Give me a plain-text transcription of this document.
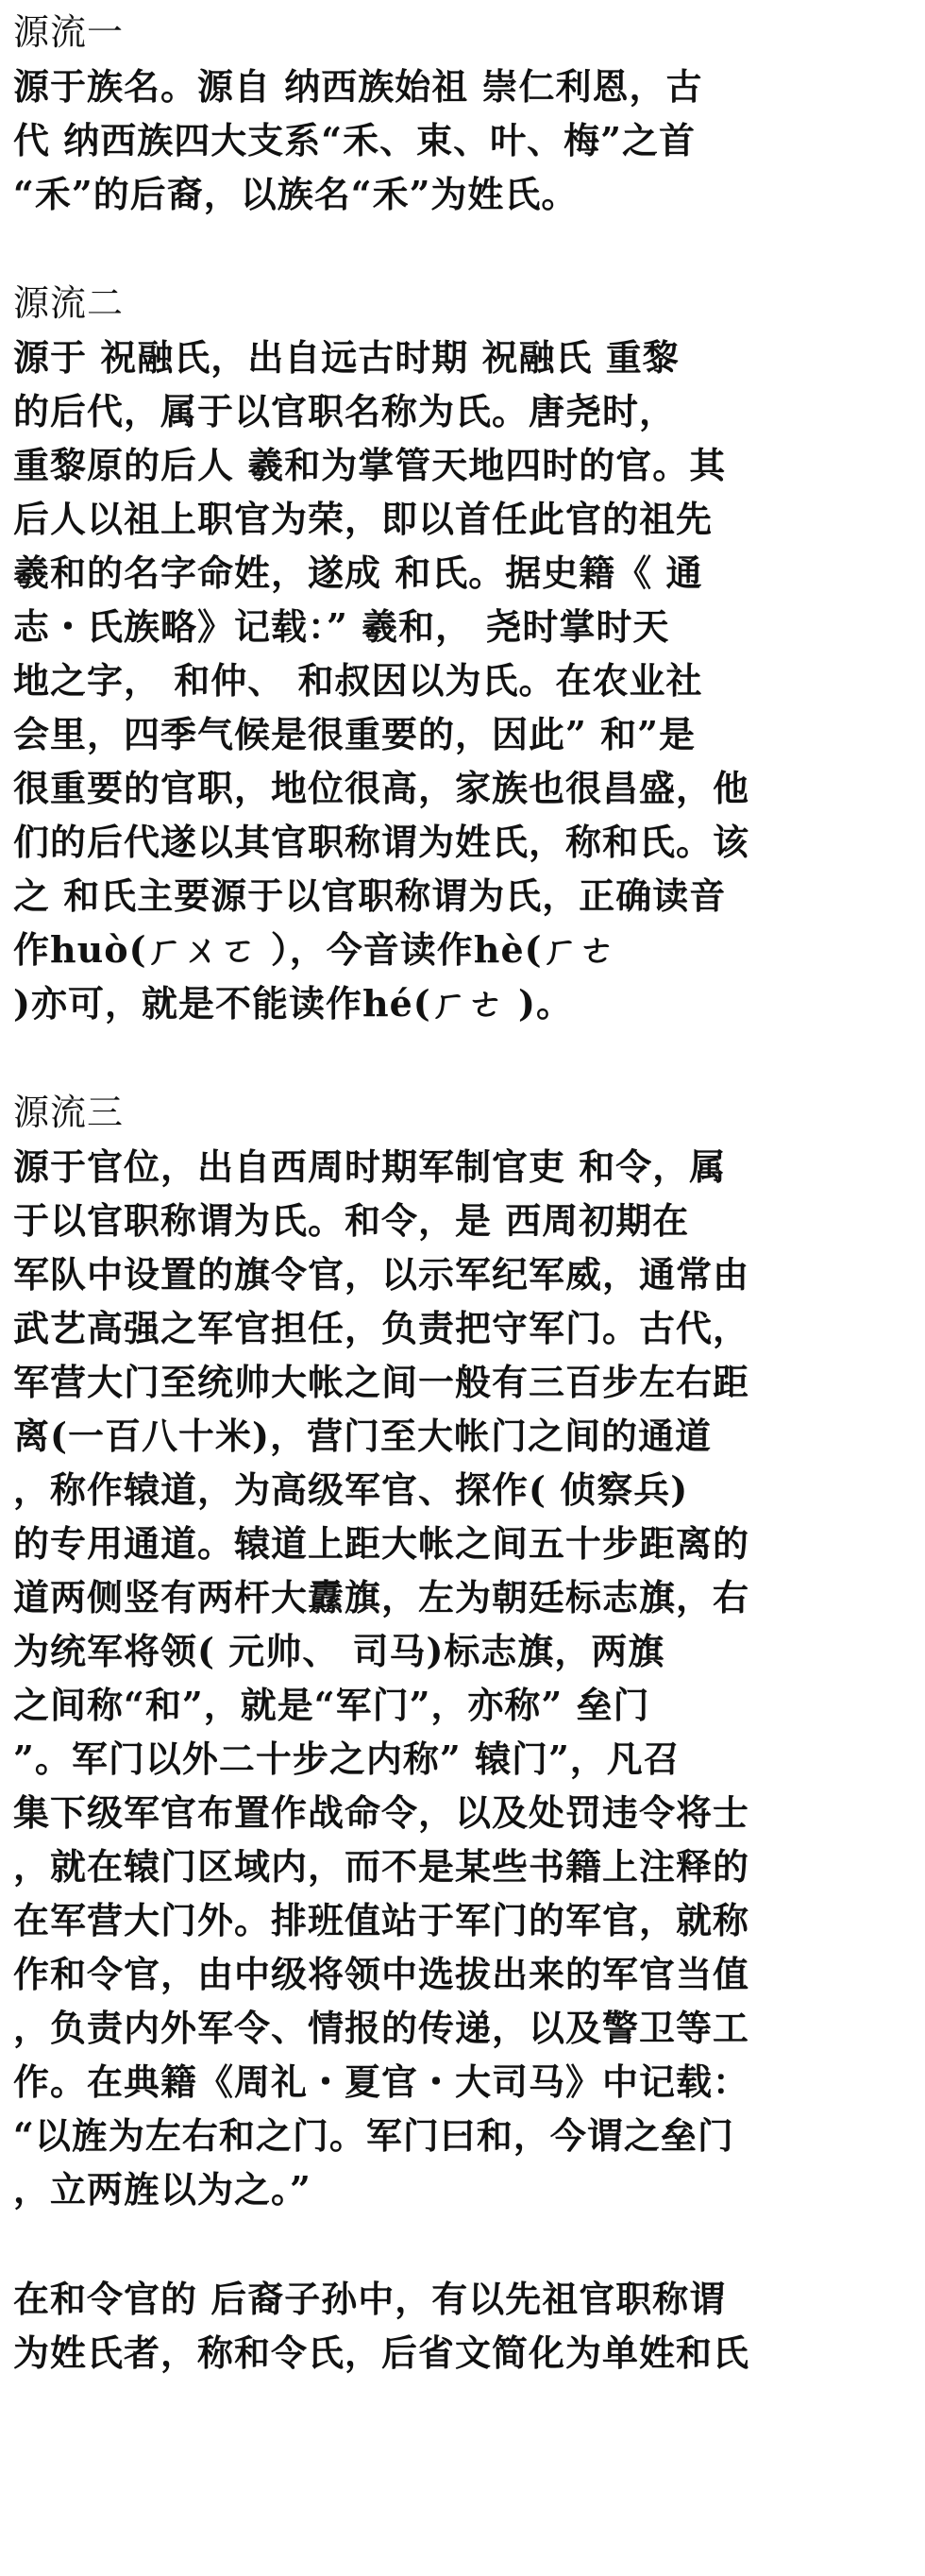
源流一
源于族名。源自 纳西族始祖 崇仁利恩，古
代 纳西族四大支系“禾、束、叶、梅”之首
“禾”的后裔，以族名“禾”为姓氏。
源流二
源于 祝融氏，出自远古时期 祝融氏 重黎
的后代，属于以官职名称为氏。唐尧时，
重黎原的后人 羲和为掌管天地四时的官。其
后人以祖上职官为荣，即以首任此官的祖先
羲和的名字命姓，遂成 和氏。据史籍《 通
志・氏族略》记载：” 羲和， 尧时掌时天
地之字， 和仲、 和叔因以为氏。在农业社
会里，四季气候是很重要的，因此” 和”是
很重要的官职，地位很高，家族也很昌盛，他
们的后代遂以其官职称谓为姓氏，称和氏。该
之 和氏主要源于以官职称谓为氏，正确读音
作huò(ㄏㄨㄛ ），今音读作hè(ㄏㄜ
)亦可，就是不能读作hé(ㄏㄜ )。
源流三
源于官位，出自西周时期军制官吏 和令，属
于以官职称谓为氏。和令，是 西周初期在
军队中设置的旗令官，以示军纪军威，通常由
武艺高强之军官担任，负责把守军门。古代，
军营大门至统帅大帐之间一般有三百步左右距
离(一百八十米)，营门至大帐门之间的通道
，称作辕道，为高级军官、探作( 侦察兵)
的专用通道。辕道上距大帐之间五十步距离的
道两侧竖有两杆大纛旗，左为朝廷标志旗，右
为统军将领( 元帅、 司马)标志旗，两旗
之间称“和”，就是“军门”，亦称” 垒门
”。军门以外二十步之内称” 辕门”，凡召
集下级军官布置作战命令，以及处罚违令将士
，就在辕门区域内，而不是某些书籍上注释的
在军营大门外。排班值站于军门的军官，就称
作和令官，由中级将领中选拔出来的军官当值
，负责内外军令、情报的传递，以及警卫等工
作。在典籍《周礼・夏官・大司马》中记载：
“以旌为左右和之门。军门曰和，今谓之垒门
，立两旌以为之。”
在和令官的 后裔子孙中，有以先祖官职称谓
为姓氏者，称和令氏，后省文简化为单姓和氏
